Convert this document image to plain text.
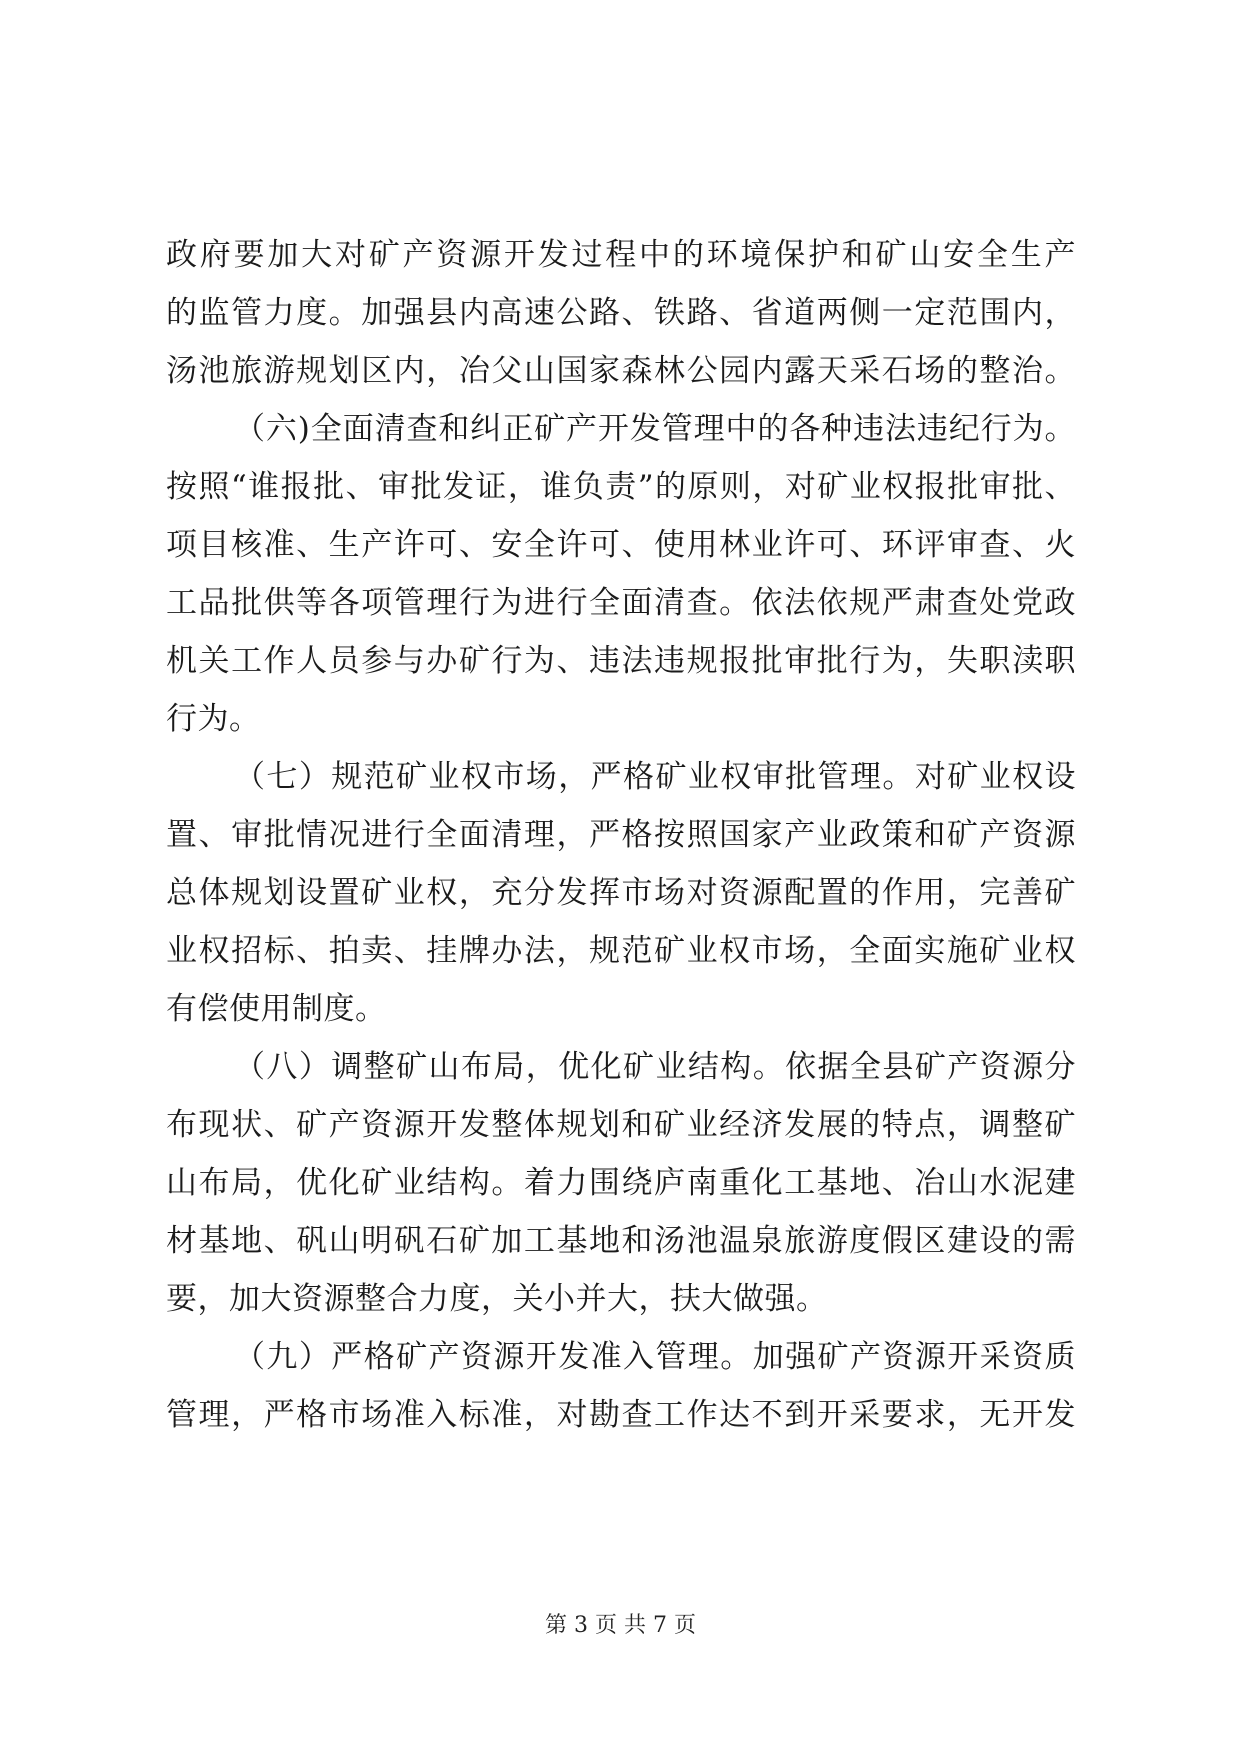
政府要加大对矿产资源开发过程中的环境保护和矿山安全生产
的监管力度。加强县内高速公路、铁路、省道两侧一定范围内，
汤池旅游规划区内，冶父山国家森林公园内露天采石场的整治。
（六)全面清查和纠正矿产开发管理中的各种违法违纪行为。
按照“谁报批、审批发证，谁负责”的原则，对矿业权报批审批、
项目核准、生产许可、安全许可、使用林业许可、环评审查、火
工品批供等各项管理行为进行全面清查。依法依规严肃查处党政
机关工作人员参与办矿行为、违法违规报批审批行为，失职渎职
行为。
（七）规范矿业权市场，严格矿业权审批管理。对矿业权设
置、审批情况进行全面清理，严格按照国家产业政策和矿产资源
总体规划设置矿业权，充分发挥市场对资源配置的作用，完善矿
业权招标、拍卖、挂牌办法，规范矿业权市场，全面实施矿业权
有偿使用制度。
（八）调整矿山布局，优化矿业结构。依据全县矿产资源分
布现状、矿产资源开发整体规划和矿业经济发展的特点，调整矿
山布局，优化矿业结构。着力围绕庐南重化工基地、冶山水泥建
材基地、矾山明矾石矿加工基地和汤池温泉旅游度假区建设的需
要，加大资源整合力度，关小并大，扶大做强。
（九）严格矿产资源开发准入管理。加强矿产资源开采资质
管理，严格市场准入标准，对勘查工作达不到开采要求，无开发
第 3 页 共 7 页
